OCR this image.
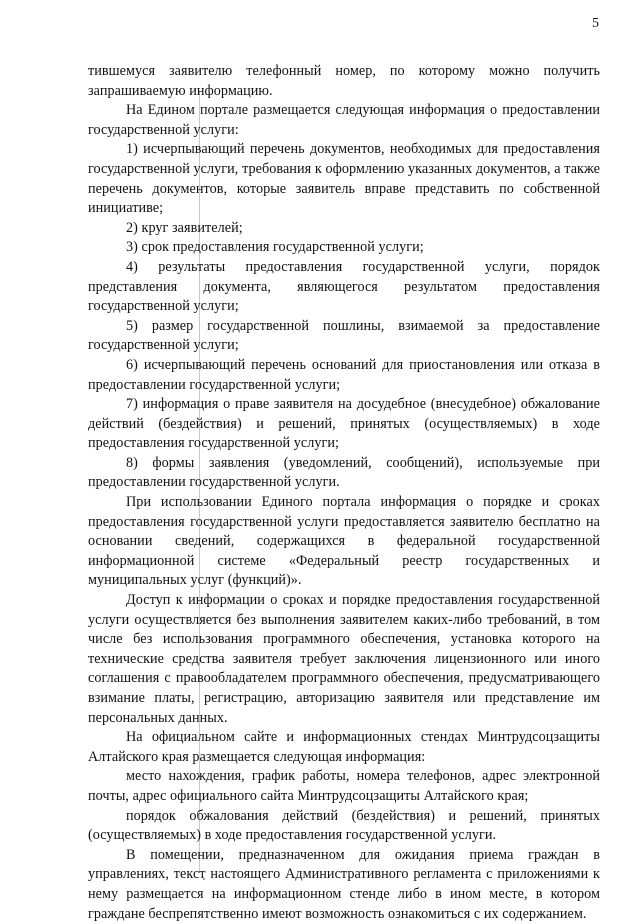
5

тившемуся заявителю телефонный номер, по которому можно получить запрашиваемую информацию.

На Едином портале размещается следующая информация о предоставлении государственной услуги:

1) исчерпывающий перечень документов, необходимых для предоставления государственной услуги, требования к оформлению указанных документов, а также перечень документов, которые заявитель вправе представить по собственной инициативе;

2) круг заявителей;

3) срок предоставления государственной услуги;

4) результаты предоставления государственной услуги, порядок представления документа, являющегося результатом предоставления государственной услуги;

5) размер государственной пошлины, взимаемой за предоставление государственной услуги;

6) исчерпывающий перечень оснований для приостановления или отказа в предоставлении государственной услуги;

7) информация о праве заявителя на досудебное (внесудебное) обжалование действий (бездействия) и решений, принятых (осуществляемых) в ходе предоставления государственной услуги;

8) формы заявления (уведомлений, сообщений), используемые при предоставлении государственной услуги.

При использовании Единого портала информация о порядке и сроках предоставления государственной услуги предоставляется заявителю бесплатно на основании сведений, содержащихся в федеральной государственной информационной системе «Федеральный реестр государственных и муниципальных услуг (функций)».

Доступ к информации о сроках и порядке предоставления государственной услуги осуществляется без выполнения заявителем каких-либо требований, в том числе без использования программного обеспечения, установка которого на технические средства заявителя требует заключения лицензионного или иного соглашения с правообладателем программного обеспечения, предусматривающего взимание платы, регистрацию, авторизацию заявителя или представление им персональных данных.

На официальном сайте и информационных стендах Минтрудсоцзащиты Алтайского края размещается следующая информация:

место нахождения, график работы, номера телефонов, адрес электронной почты, адрес официального сайта Минтрудсоцзащиты Алтайского края;

порядок обжалования действий (бездействия) и решений, принятых (осуществляемых) в ходе предоставления государственной услуги.

В помещении, предназначенном для ожидания приема граждан в управлениях, текст настоящего Административного регламента с приложениями к нему размещается на информационном стенде либо в ином месте, в котором граждане беспрепятственно имеют возможность ознакомиться с их содержанием.
